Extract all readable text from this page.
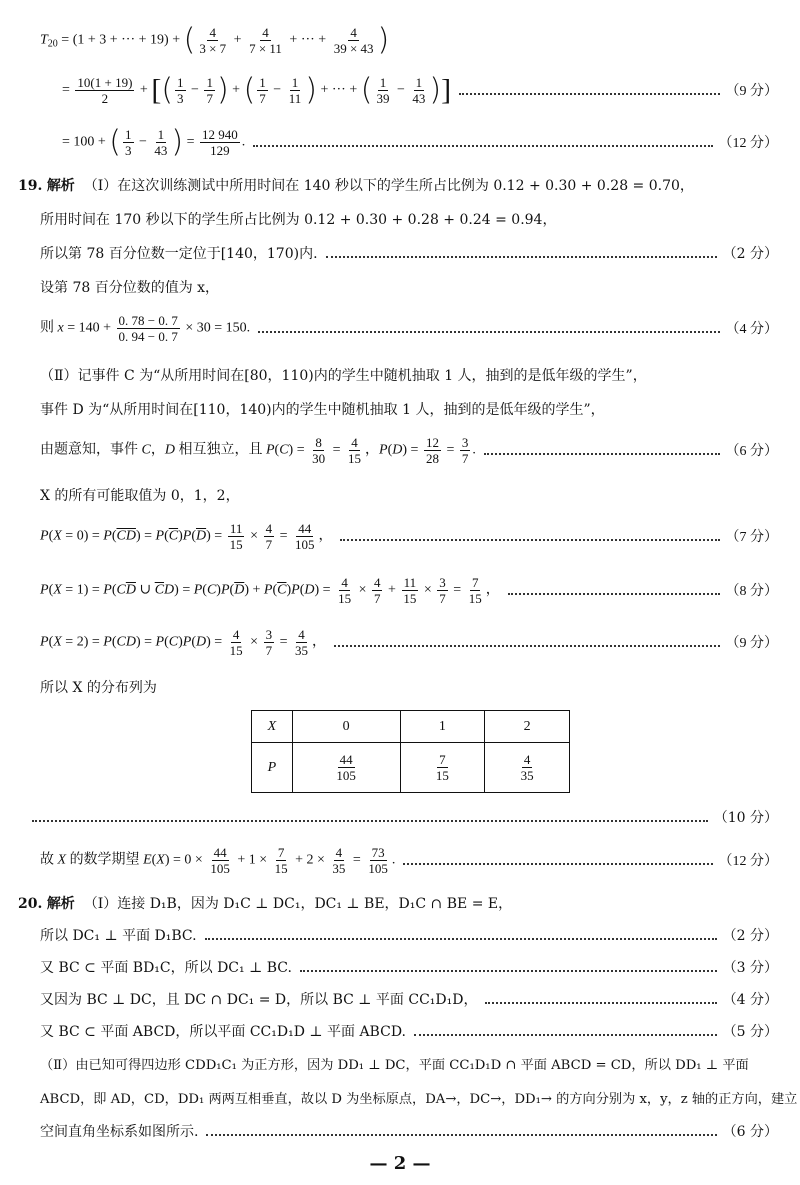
$T_{20} = (1 + 3$ + ··· + 19) + ( $\frac{4}{3 \times 7} + \frac{4}{7 \times 11}$ + ··· + $\frac{4}{39 \times 43}$ )
= $\frac{10(1 + 19)}{2}$ + [( $\frac{1}{3} - \frac{1}{7}$ ) + ( $\frac{1}{7} - \frac{1}{11}$ ) + ··· + ( $\frac{1}{39} - \frac{1}{43}$ )]	（9 分）
= 100 + ( $\frac{1}{3} - \frac{1}{43}$ ) = $\frac{12 940}{129}$ .	（12 分）
19. 解析 （Ⅰ）在这次训练测试中所用时间在 140 秒以下的学生所占比例为 0.12 + 0.30 + 0.28 = 0.70，
所用时间在 170 秒以下的学生所占比例为 0.12 + 0.30 + 0.28 + 0.24 = 0.94，
所以第 78 百分位数一定位于[140，170)内.	（2 分）
设第 78 百分位数的值为 x，
则 $x = 140 + \frac{0. 78 - 0. 7}{0. 94 - 0. 7} \times 30 = 150$.	（4 分）
（Ⅱ）记事件 C 为“从所用时间在[80，110)内的学生中随机抽取 1 人，抽到的是低年级的学生”，
事件 D 为“从所用时间在[110，140)内的学生中随机抽取 1 人，抽到的是低年级的学生”，
由题意知，事件 C，D 相互独立，且 $P(C) = \frac{8}{30} = \frac{4}{15}$ ，$P(D) = \frac{12}{28} = \frac{3}{7}$ .	（6 分）
X 的所有可能取值为 0，1，2，
$P(X = 0) = P(\overline{CD}) = P(\overline{C})P(\overline{D}) = \frac{11}{15} \times \frac{4}{7} = \frac{44}{105}$ ，	（7 分）
$P(X = 1) = P(C\overline{D}$ ∪ $\overline{C}D) = P(C)P(\overline{D}) + P(\overline{C})P(D) = \frac{4}{15} \times \frac{4}{7} + \frac{11}{15} \times \frac{3}{7} = \frac{7}{15}$ ，	（8 分）
$P(X = 2) = P(CD) = P(C)P(D) = \frac{4}{15} \times \frac{3}{7} = \frac{4}{35}$ ，	（9 分）
所以 X 的分布列为
X	0	1	2
P	$\frac{44}{105}$	$\frac{7}{15}$	$\frac{4}{35}$
（10 分）
故 X 的数学期望 $E(X) = 0 \times \frac{44}{105} + 1 \times \frac{7}{15} + 2 \times \frac{4}{35} = \frac{73}{105}$ .	（12 分）
20. 解析 （Ⅰ）连接 D₁B，因为 D₁C ⊥ DC₁，DC₁ ⊥ BE，D₁C ∩ BE = E，
所以 DC₁ ⊥ 平面 D₁BC.	（2 分）
又 BC ⊂ 平面 BD₁C，所以 DC₁ ⊥ BC.	（3 分）
又因为 BC ⊥ DC，且 DC ∩ DC₁ = D，所以 BC ⊥ 平面 CC₁D₁D，	（4 分）
又 BC ⊂ 平面 ABCD，所以平面 CC₁D₁D ⊥ 平面 ABCD.	（5 分）
（Ⅱ）由已知可得四边形 CDD₁C₁ 为正方形，因为 DD₁ ⊥ DC，平面 CC₁D₁D ∩ 平面 ABCD = CD，所以 DD₁ ⊥ 平面
ABCD，即 AD，CD，DD₁ 两两互相垂直，故以 D 为坐标原点，DA→，DC→，DD₁→ 的方向分别为 x，y，z 轴的正方向，建立
空间直角坐标系如图所示.	（6 分）
— 2 —
